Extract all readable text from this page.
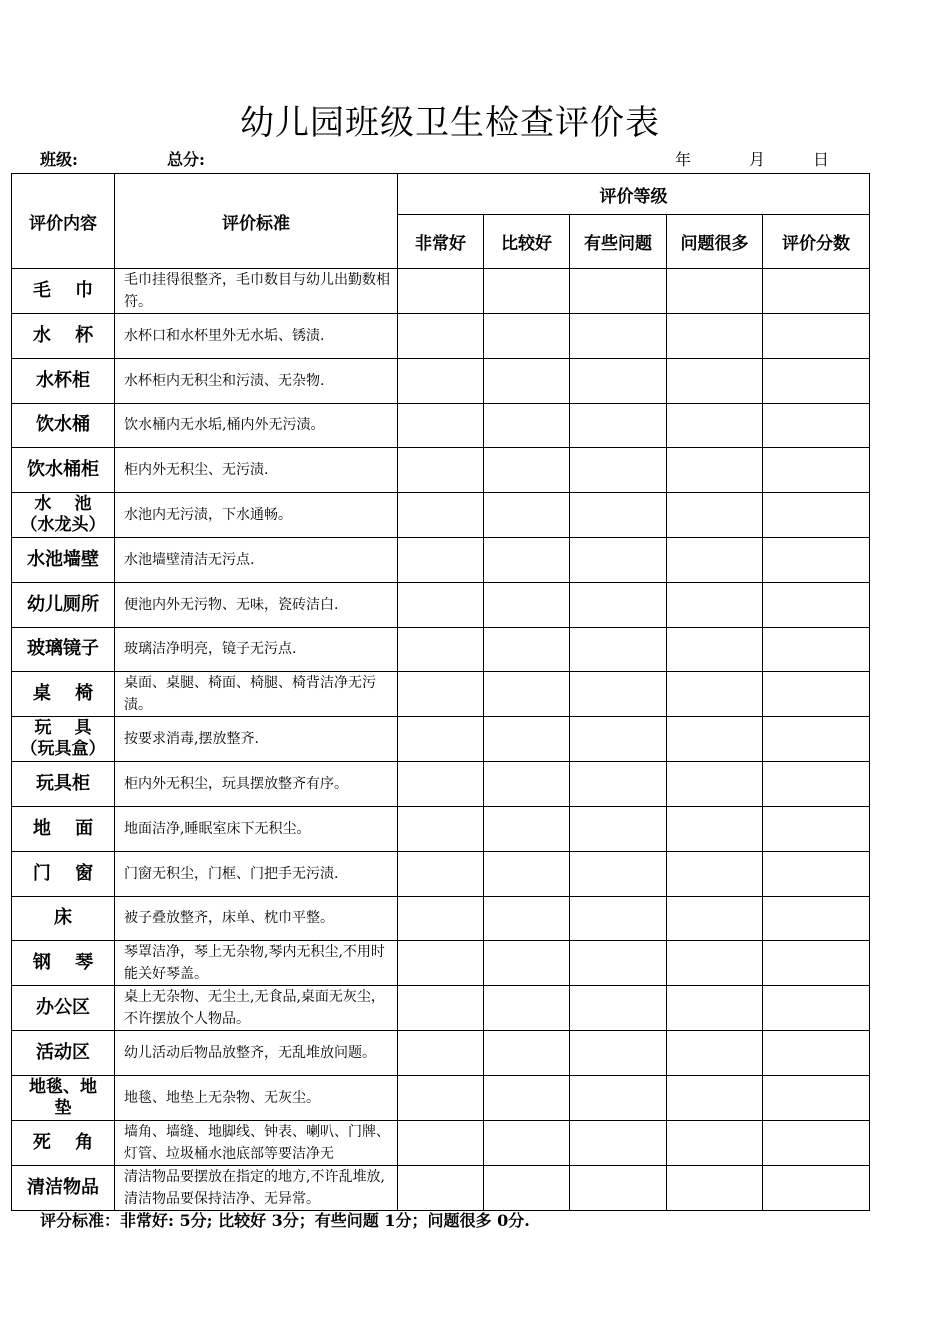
幼儿园班级卫生检查评价表
班级:	总分:	年	月	日
评价内容	评价标准	评价等级				
		非常好	比较好	有些问题	问题很多	评价分数
毛　 巾	毛巾挂得很整齐，毛巾数目与幼儿出勤数相符。					

水　 杯	水杯口和水杯里外无水垢、锈渍.					

水杯柜	水杯柜内无积尘和污渍、无杂物.					

饮水桶	饮水桶内无水垢,桶内外无污渍。					

饮水桶柜	柜内外无积尘、无污渍.					

水　 池
（水龙头）	水池内无污渍，下水通畅。					

水池墙壁	水池墙壁清洁无污点.					

幼儿厕所	便池内外无污物、无味，瓷砖洁白.					

玻璃镜子	玻璃洁净明亮，镜子无污点.					

桌　 椅	桌面、桌腿、椅面、椅腿、椅背洁净无污渍。					

玩　 具
（玩具盒）	按要求消毒,摆放整齐.					

玩具柜	柜内外无积尘，玩具摆放整齐有序。					

地　 面	地面洁净,睡眠室床下无积尘。					

门　 窗	门窗无积尘，门框、门把手无污渍.					

床	被子叠放整齐，床单、枕巾平整。					

钢　 琴	琴罩洁净，琴上无杂物,琴内无积尘,不用时能关好琴盖。					

办公区	桌上无杂物、无尘土,无食品,桌面无灰尘，不许摆放个人物品。					

活动区	幼儿活动后物品放整齐，无乱堆放问题。					

地毯、地
垫	地毯、地垫上无杂物、无灰尘。					

死　 角	墙角、墙缝、地脚线、钟表、喇叭、门牌、灯管、垃圾桶水池底部等要洁净无					

清洁物品	清洁物品要摆放在指定的地方,不许乱堆放,清洁物品要保持洁净、无异常。					

评分标准：非常好: 5分; 比较好 3分；有些问题 1分；问题很多 0分.
